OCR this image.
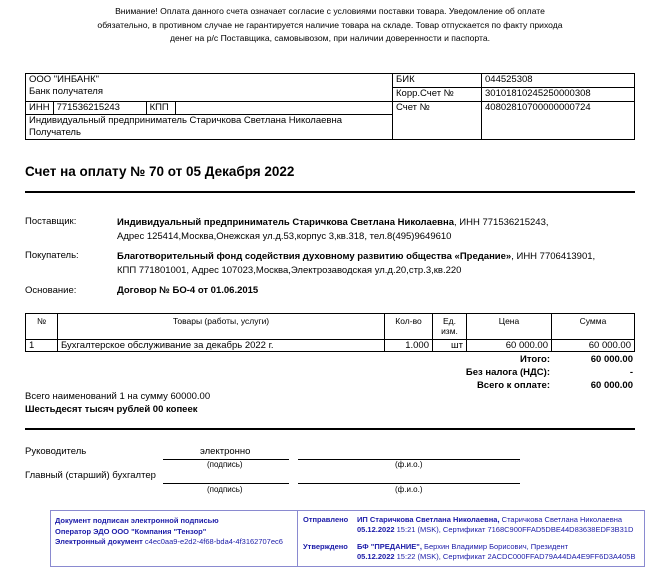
Внимание! Оплата данного счета означает согласие с условиями поставки товара. Уведомление об оплате
обязательно, в противном случае не гарантируется наличие товара на складе. Товар отпускается по факту прихода
денег на р/с Поставщика, самовывозом, при наличии доверенности и паспорта.
ООО "ИНБАНК"
Банк получателя
	БИК	044525308
Корр.Счет №	30101810245250000308

ИНН	771536215243	КПП	
		Счет №	40802810700000000724

Индивидуальный предприниматель Старичкова Светлана Николаевна
Получатель
Счет на оплату № 70 от 05 Декабря 2022
Поставщик:	Индивидуальный предприниматель Старичкова Светлана Николаевна, ИНН 771536215243,
Адрес 125414,Москва,Онежская ул.д.53,корпус 3,кв.318, тел.8(495)9649610
Покупатель:	Благотворительный фонд содействия духовному развитию общества «Предание», ИНН 7706413901,
КПП 771801001, Адрес 107023,Москва,Электрозаводская ул.д.20,стр.3,кв.220
Основание:	Договор № БО-4 от 01.06.2015
№	Товары (работы, услуги)	Кол-во	Ед. изм.	Цена	Сумма
1	Бухгалтерское обслуживание за декабрь 2022 г.	1.000	шт	60 000.00	60 000.00
Итого:	60 000.00
Без налога (НДС):	-
Всего к оплате:	60 000.00
Всего наименований 1 на сумму 60000.00
Шестьдесят тысяч рублей 00 копеек
Руководитель	электронно
(подпись)	(ф.и.о.)
Главный (старший) бухгалтер
(подпись)	(ф.и.о.)
Документ подписан электронной подписью
Оператор ЭДО ООО "Компания "Тензор"
Электронный документ c4ec0aa9-e2d2-4f68-bda4-4f3162707ec6
Отправлено ИП Старичкова Светлана Николаевна, Старичкова Светлана Николаевна
05.12.2022 15:21 (MSK), Сертификат 7168C900FFAD5DBE44D83638EDF3B31D
Утверждено БФ "ПРЕДАНИЕ", Берхин Владимир Борисович, Президент
05.12.2022 15:22 (MSK), Сертификат 2ACDC000FFAD79A44DA4E9FF6D3A405B
